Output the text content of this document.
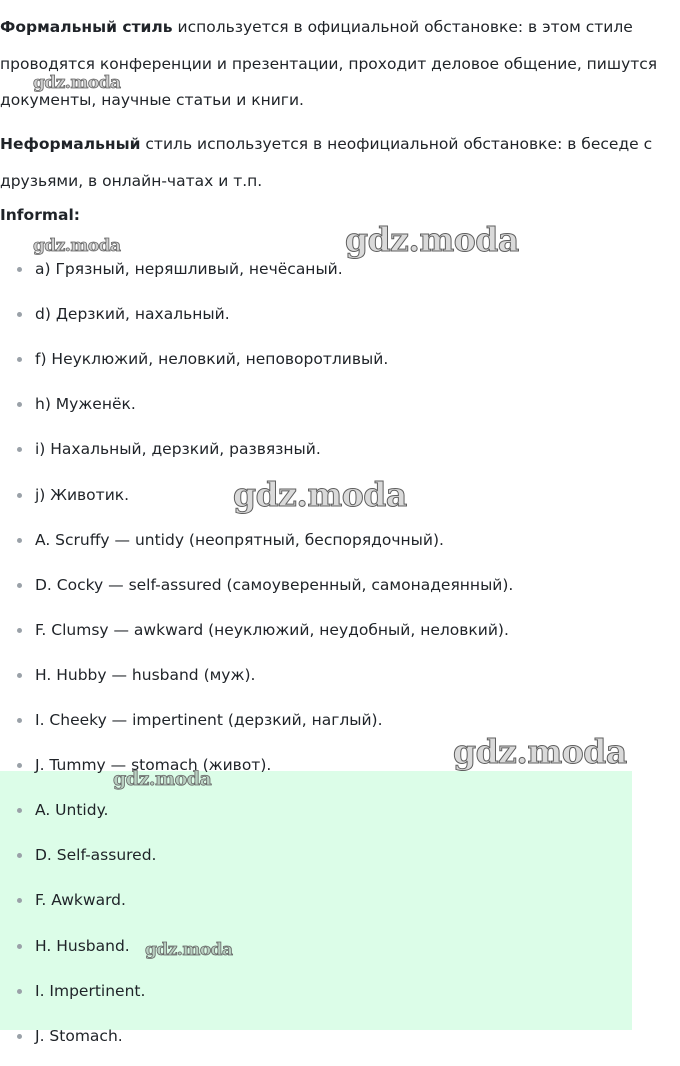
Формальный стиль используется в официальной обстановке: в этом стиле проводятся конференции и презентации, проходит деловое общение, пишутся документы, научные статьи и книги.

Неформальный стиль используется в неофициальной обстановке: в беседе с друзьями, в онлайн-чатах и т.п.

Informal:
a) Грязный, неряшливый, нечёсаный.
d) Дерзкий, нахальный.
f) Неуклюжий, неловкий, неповоротливый.
h) Муженёк.
i) Нахальный, дерзкий, развязный.
j) Животик.
A. Scruffy — untidy (неопрятный, беспорядочный).
D. Cocky — self-assured (самоуверенный, самонадеянный).
F. Clumsy — awkward (неуклюжий, неудобный, неловкий).
H. Hubby — husband (муж).
I. Cheeky — impertinent (дерзкий, наглый).
J. Tummy — stomach (живот).
A. Untidy.
D. Self-assured.
F. Awkward.
H. Husband.
I. Impertinent.
J. Stomach.
gdz.moda
gdz.moda	gdz.moda
gdz.moda
gdz.moda
gdz.moda
gdz.moda
